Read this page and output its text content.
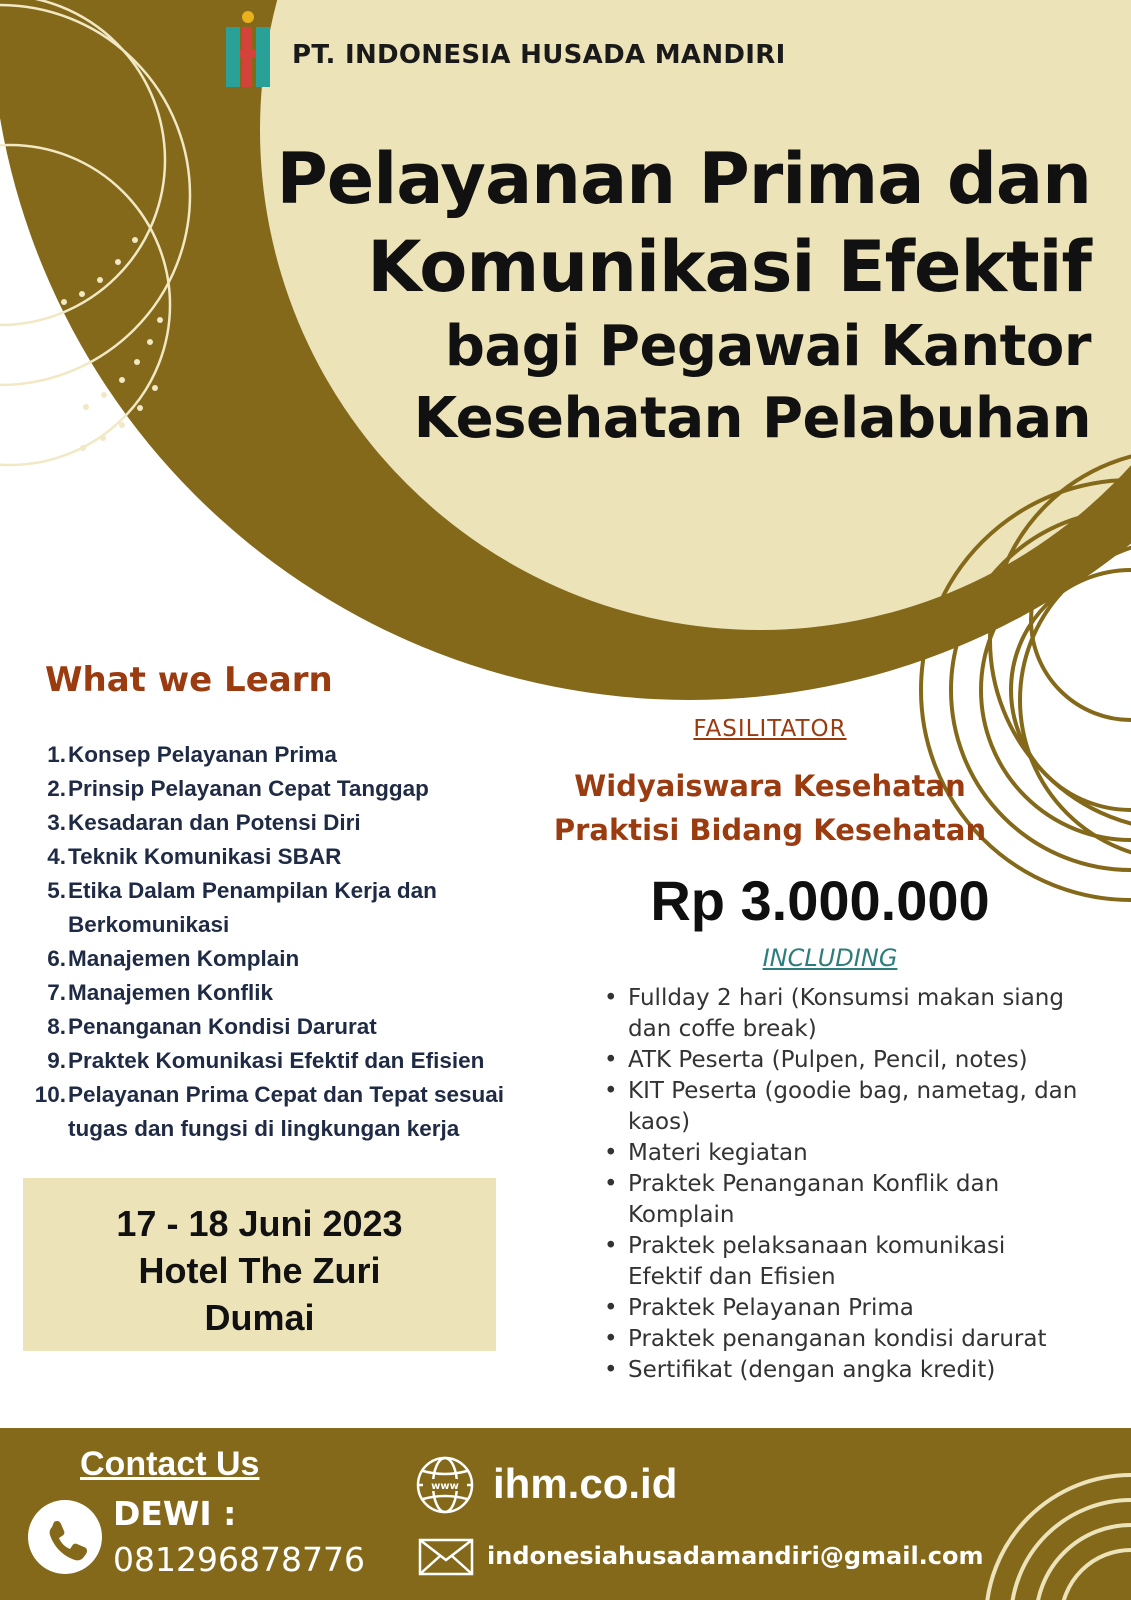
PT. INDONESIA HUSADA MANDIRI
Pelayanan Prima dan
Komunikasi Efektif
bagi Pegawai Kantor
Kesehatan Pelabuhan
What we Learn
1. Konsep Pelayanan Prima
2. Prinsip Pelayanan Cepat Tanggap
3. Kesadaran dan Potensi Diri
4. Teknik Komunikasi SBAR
5. Etika Dalam Penampilan Kerja dan Berkomunikasi
6. Manajemen Komplain
7. Manajemen Konflik
8. Penanganan Kondisi Darurat
9. Praktek Komunikasi Efektif dan Efisien
10. Pelayanan Prima Cepat dan Tepat sesuai tugas dan fungsi di lingkungan kerja
17 - 18 Juni 2023
Hotel The Zuri
Dumai
FASILITATOR
Widyaiswara Kesehatan
Praktisi Bidang Kesehatan
Rp 3.000.000
INCLUDING
• Fullday 2 hari (Konsumsi makan siang dan coffe break)
• ATK Peserta (Pulpen, Pencil, notes)
• KIT Peserta (goodie bag, nametag, dan kaos)
• Materi kegiatan
• Praktek Penanganan Konflik dan Komplain
• Praktek pelaksanaan komunikasi Efektif dan Efisien
• Praktek Pelayanan Prima
• Praktek penanganan kondisi darurat
• Sertifikat (dengan angka kredit)
Contact Us
DEWI :
081296878776
www ihm.co.id
indonesiahusadamandiri@gmail.com
